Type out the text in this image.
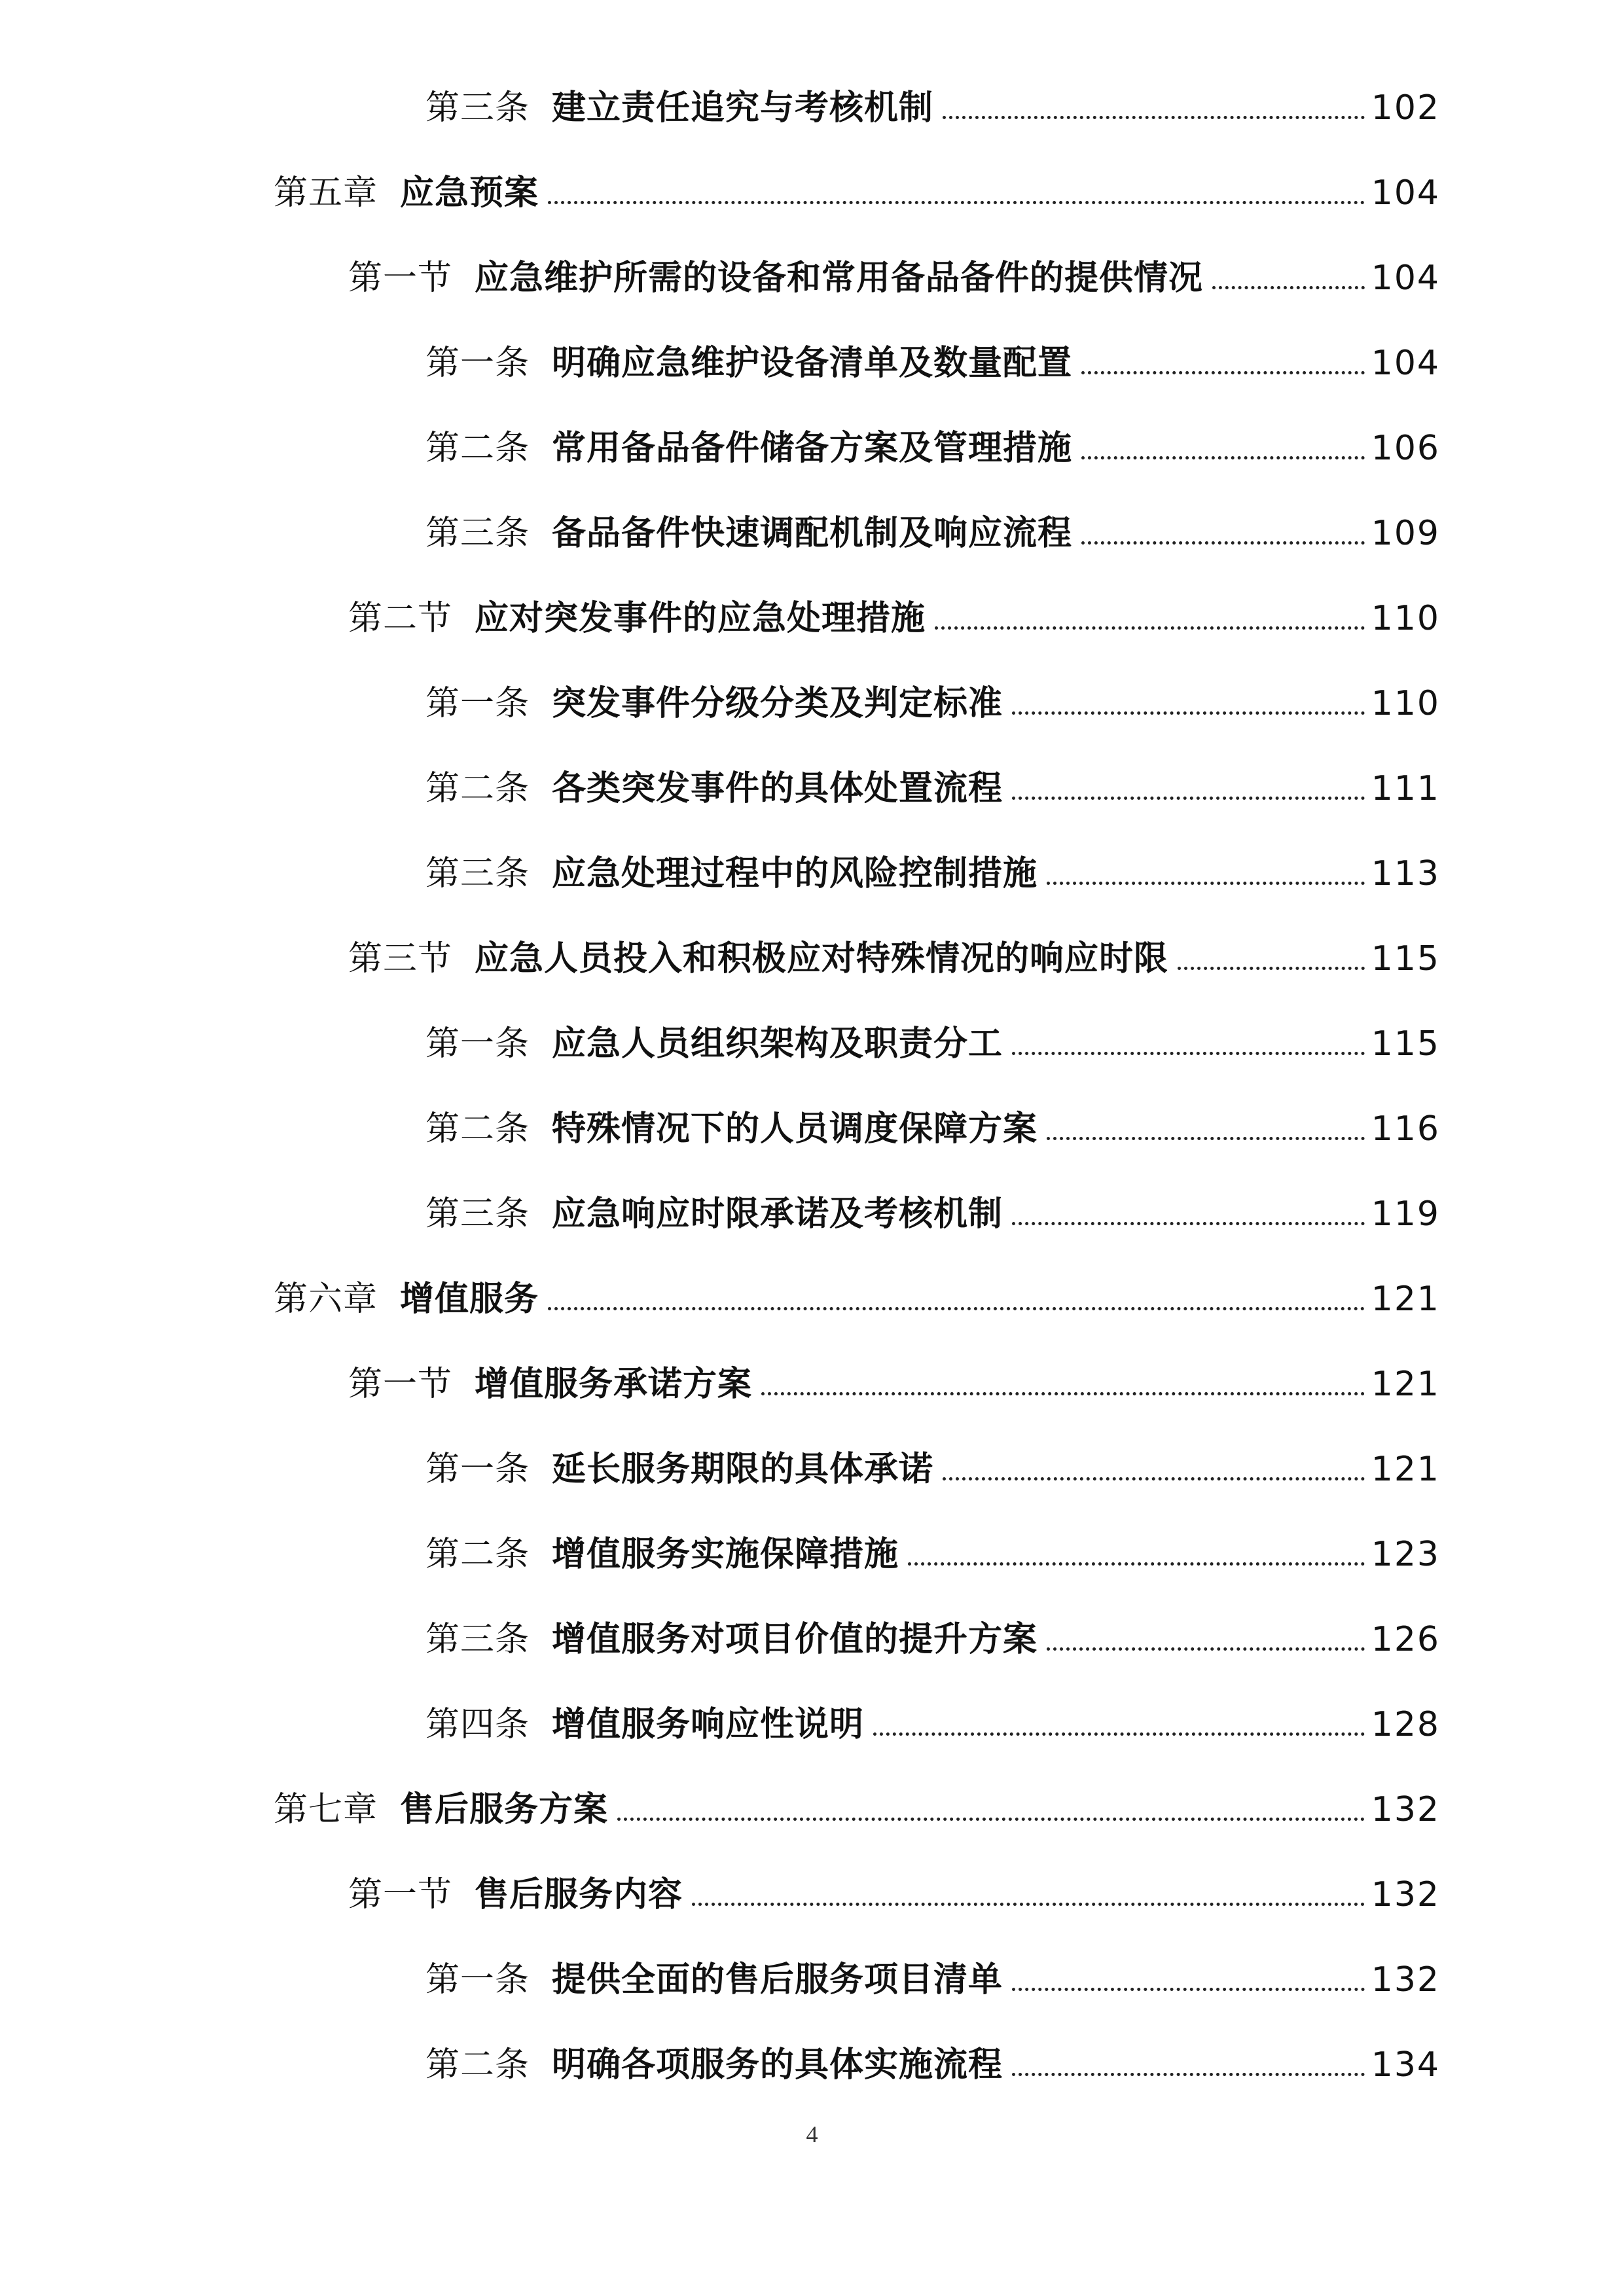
第三条 建立责任追究与考核机制	102
第五章 应急预案	104
第一节 应急维护所需的设备和常用备品备件的提供情况	104
第一条 明确应急维护设备清单及数量配置	104
第二条 常用备品备件储备方案及管理措施	106
第三条 备品备件快速调配机制及响应流程	109
第二节 应对突发事件的应急处理措施	110
第一条 突发事件分级分类及判定标准	110
第二条 各类突发事件的具体处置流程	111
第三条 应急处理过程中的风险控制措施	113
第三节 应急人员投入和积极应对特殊情况的响应时限	115
第一条 应急人员组织架构及职责分工	115
第二条 特殊情况下的人员调度保障方案	116
第三条 应急响应时限承诺及考核机制	119
第六章 增值服务	121
第一节 增值服务承诺方案	121
第一条 延长服务期限的具体承诺	121
第二条 增值服务实施保障措施	123
第三条 增值服务对项目价值的提升方案	126
第四条 增值服务响应性说明	128
第七章 售后服务方案	132
第一节 售后服务内容	132
第一条 提供全面的售后服务项目清单	132
第二条 明确各项服务的具体实施流程	134
4
